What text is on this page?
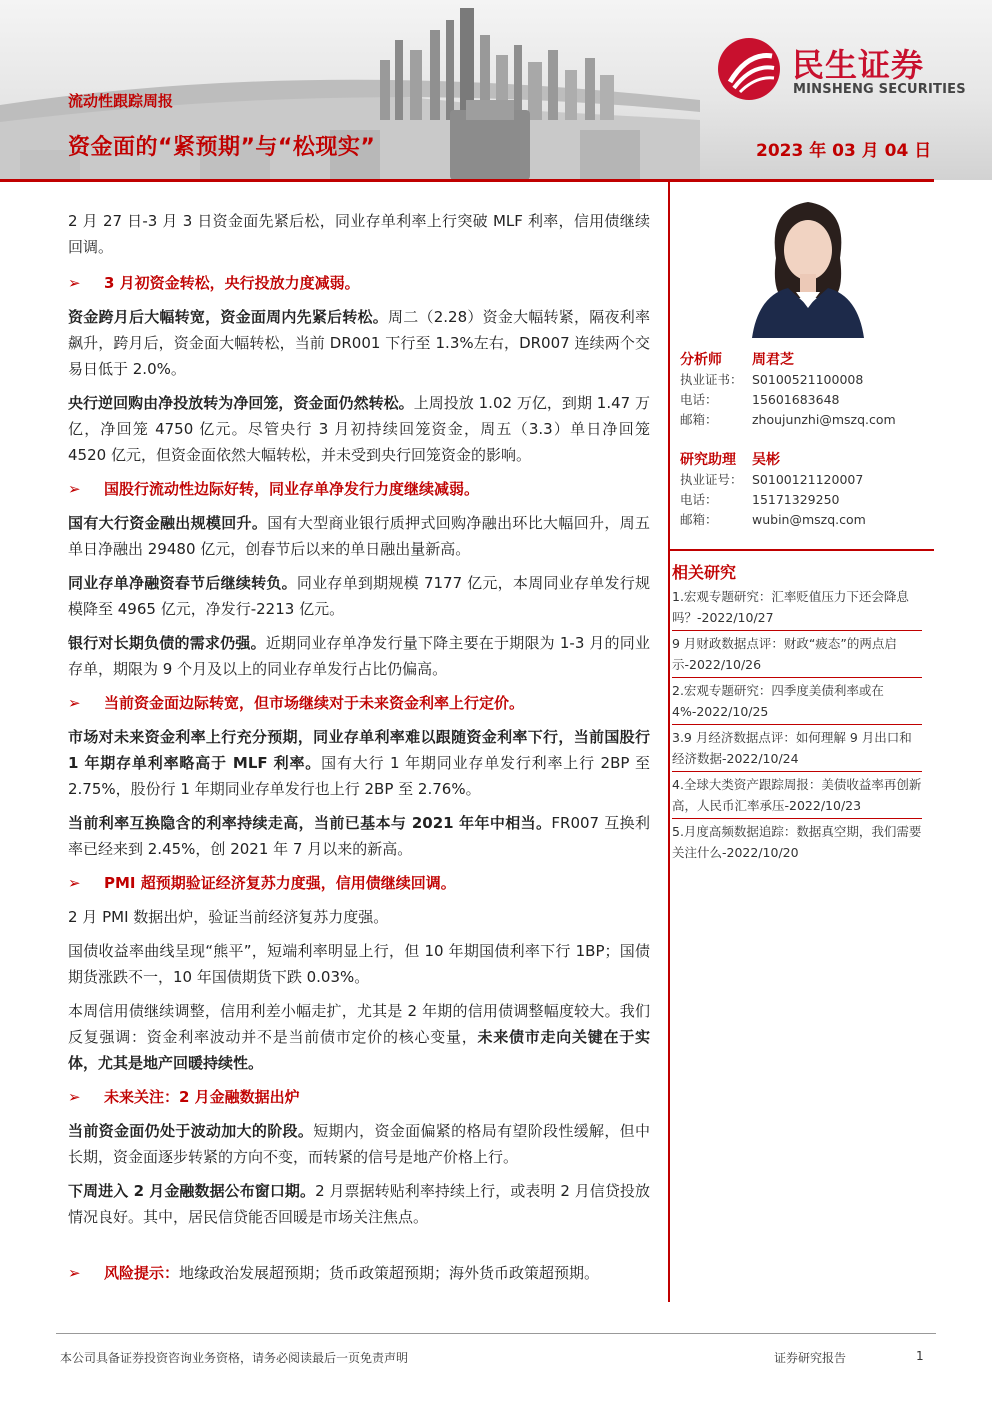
民生证券
MINSHENG SECURITIES
流动性跟踪周报
资金面的“紧预期”与“松现实”	2023 年 03 月 04 日

2 月 27 日-3 月 3 日资金面先紧后松，同业存单利率上行突破 MLF 利率，信用债继续回调。

➢ 3 月初资金转松，央行投放力度减弱。

资金跨月后大幅转宽，资金面周内先紧后转松。周二（2.28）资金大幅转紧，隔夜利率飙升，跨月后，资金面大幅转松，当前 DR001 下行至 1.3%左右，DR007 连续两个交易日低于 2.0%。

央行逆回购由净投放转为净回笼，资金面仍然转松。上周投放 1.02 万亿，到期 1.47 万亿，净回笼 4750 亿元。尽管央行 3 月初持续回笼资金，周五（3.3）单日净回笼 4520 亿元，但资金面依然大幅转松，并未受到央行回笼资金的影响。

➢ 国股行流动性边际好转，同业存单净发行力度继续减弱。

国有大行资金融出规模回升。国有大型商业银行质押式回购净融出环比大幅回升，周五单日净融出 29480 亿元，创春节后以来的单日融出量新高。

同业存单净融资春节后继续转负。同业存单到期规模 7177 亿元，本周同业存单发行规模降至 4965 亿元，净发行-2213 亿元。

银行对长期负债的需求仍强。近期同业存单净发行量下降主要在于期限为 1-3 月的同业存单，期限为 9 个月及以上的同业存单发行占比仍偏高。

➢ 当前资金面边际转宽，但市场继续对于未来资金利率上行定价。

市场对未来资金利率上行充分预期，同业存单利率难以跟随资金利率下行，当前国股行 1 年期存单利率略高于 MLF 利率。国有大行 1 年期同业存单发行利率上行 2BP 至 2.75%，股份行 1 年期同业存单发行也上行 2BP 至 2.76%。

当前利率互换隐含的利率持续走高，当前已基本与 2021 年年中相当。FR007 互换利率已经来到 2.45%，创 2021 年 7 月以来的新高。

➢ PMI 超预期验证经济复苏力度强，信用债继续回调。

2 月 PMI 数据出炉，验证当前经济复苏力度强。

国债收益率曲线呈现“熊平”，短端利率明显上行，但 10 年期国债利率下行 1BP；国债期货涨跌不一，10 年国债期货下跌 0.03%。

本周信用债继续调整，信用利差小幅走扩，尤其是 2 年期的信用债调整幅度较大。我们反复强调：资金利率波动并不是当前债市定价的核心变量，未来债市走向关键在于实体，尤其是地产回暖持续性。

➢ 未来关注：2 月金融数据出炉

当前资金面仍处于波动加大的阶段。短期内，资金面偏紧的格局有望阶段性缓解，但中长期，资金面逐步转紧的方向不变，而转紧的信号是地产价格上行。

下周进入 2 月金融数据公布窗口期。2 月票据转贴利率持续上行，或表明 2 月信贷投放情况良好。其中，居民信贷能否回暖是市场关注焦点。

➢ 风险提示：地缘政治发展超预期；货币政策超预期；海外货币政策超预期。
分析师 周君芝
执业证书： S0100521100008
电话：	15601683648
邮箱：	zhoujunzhi@mszq.com
研究助理 吴彬
执业证号： S0100121120007
电话：	15171329250
邮箱：	wubin@mszq.com
相关研究
1.宏观专题研究：汇率贬值压力下还会降息吗？-2022/10/27
9 月财政数据点评：财政“疲态”的两点启示-2022/10/26
2.宏观专题研究：四季度美债利率或在 4%-2022/10/25
3.9 月经济数据点评：如何理解 9 月出口和经济数据-2022/10/24
4.全球大类资产跟踪周报：美债收益率再创新高，人民币汇率承压-2022/10/23
5.月度高频数据追踪：数据真空期，我们需要关注什么-2022/10/20
本公司具备证券投资咨询业务资格，请务必阅读最后一页免责声明	证券研究报告	1
